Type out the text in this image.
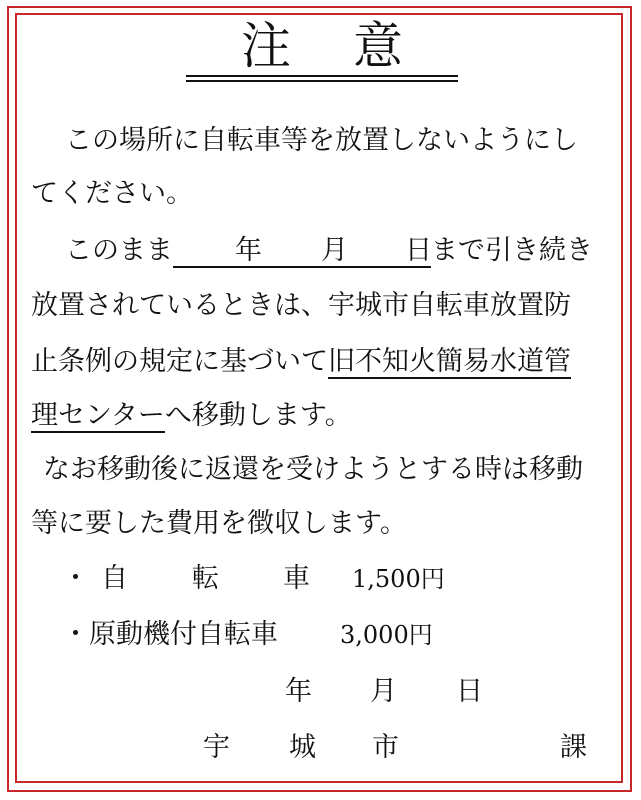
注 意
この場所に自転車等を放置しないようにし
てください。
このまま 年 月 日 まで引き続き
放置されているときは、宇城市自転車放置防
止条例の規定に基づいて旧不知火簡易水道管
理センターへ移動します。
なお移動後に返還を受けようとする時は移動
等に要した費用を徴収します。
・ 自 転 車 1,500円
・原動機付自転車	3,000円
年 月 日
宇 城 市	課
